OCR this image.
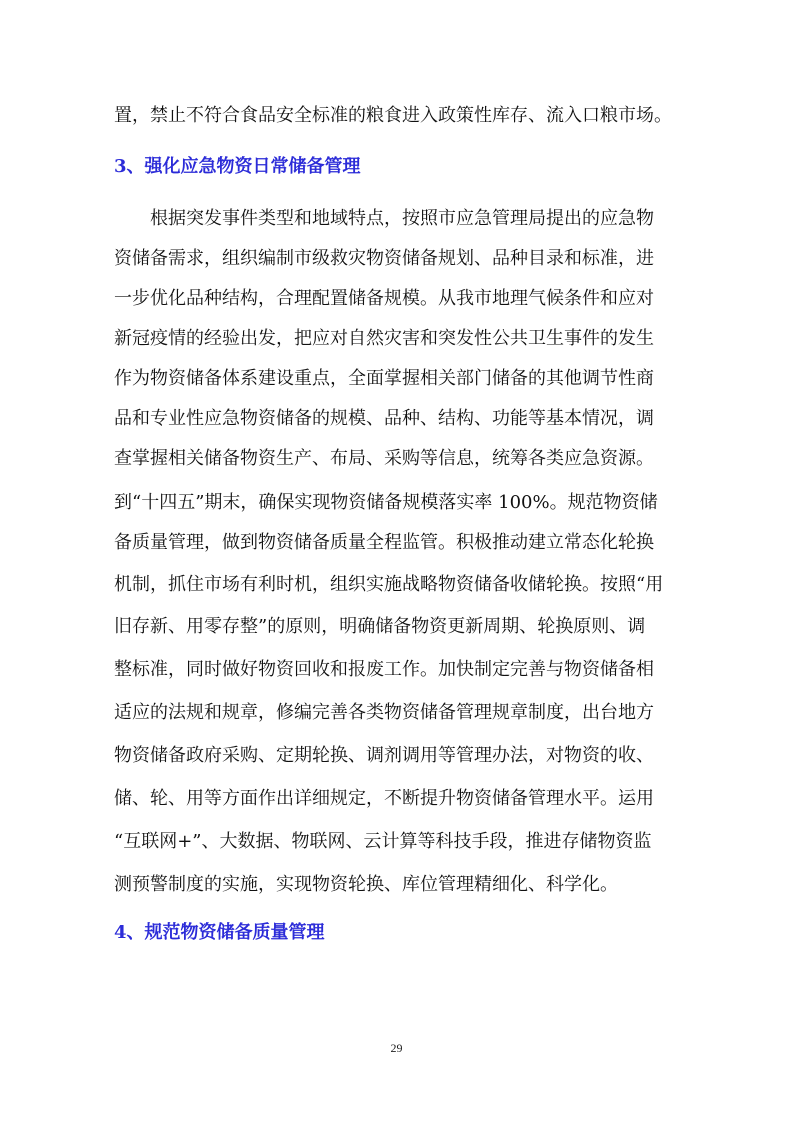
置，禁止不符合食品安全标准的粮食进入政策性库存、流入口粮市场。
3、强化应急物资日常储备管理
根据突发事件类型和地域特点，按照市应急管理局提出的应急物
资储备需求，组织编制市级救灾物资储备规划、品种目录和标准，进
一步优化品种结构，合理配置储备规模。从我市地理气候条件和应对
新冠疫情的经验出发，把应对自然灾害和突发性公共卫生事件的发生
作为物资储备体系建设重点，全面掌握相关部门储备的其他调节性商
品和专业性应急物资储备的规模、品种、结构、功能等基本情况，调
查掌握相关储备物资生产、布局、采购等信息，统筹各类应急资源。
到“十四五”期末，确保实现物资储备规模落实率 100%。规范物资储
备质量管理，做到物资储备质量全程监管。积极推动建立常态化轮换
机制，抓住市场有利时机，组织实施战略物资储备收储轮换。按照“用
旧存新、用零存整”的原则，明确储备物资更新周期、轮换原则、调
整标准，同时做好物资回收和报废工作。加快制定完善与物资储备相
适应的法规和规章，修编完善各类物资储备管理规章制度，出台地方
物资储备政府采购、定期轮换、调剂调用等管理办法，对物资的收、
储、轮、用等方面作出详细规定，不断提升物资储备管理水平。运用
“互联网+”、大数据、物联网、云计算等科技手段，推进存储物资监
测预警制度的实施，实现物资轮换、库位管理精细化、科学化。
4、规范物资储备质量管理
29
